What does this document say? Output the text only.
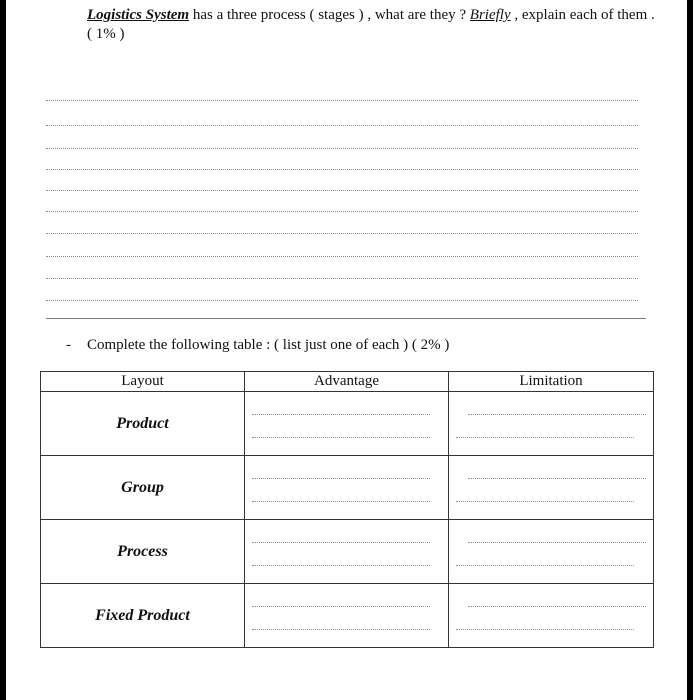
Logistics System has a three process ( stages ) , what are they ? Briefly , explain each of them . ( 1% )
- Complete the following table : ( list just one of each ) ( 2% )
Layout	Advantage	Limitation
Product	

Group	

Process	

Fixed Product	
